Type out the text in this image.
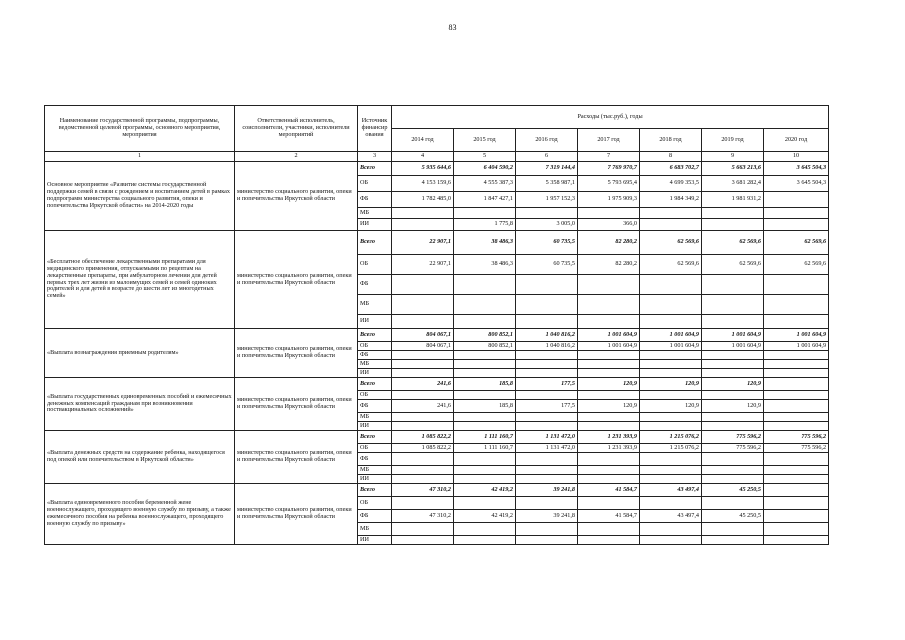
83
Наименование государственной программы, подпрограммы, ведомственной целевой программы, основного мероприятия, мероприятия	Ответственный исполнитель, соисполнители, участники, исполнители мероприятий	Источник финансир ования	Расходы (тыс.руб.), годы						
			2014 год	2015 год	2016 год	2017 год	2018 год	2019 год	2020 год
1	2	3	4	5	6	7	8	9	10
Основное мероприятие «Развитие системы государственной поддержки семей в связи с рождением и воспитанием детей в рамках подпрограмм министерства социального развития, опеки и попечительства Иркутской области» на 2014-2020 годы	министерство социального развития, опеки и попечительства Иркутской области	Всего	5 935 644,6	6 404 590,2	7 319 144,4	7 769 970,7	6 683 702,7	5 663 213,6	3 645 504,3
		ОБ	4 153 159,6	4 555 387,3	5 358 987,1	5 793 695,4	4 699 353,5	3 681 282,4	3 645 504,3
		ФБ	1 782 485,0	1 847 427,1	1 957 152,3	1 975 909,3	1 984 349,2	1 981 931,2	
		МБ							
		ИИ		1 775,8	3 005,0	366,0			
«Бесплатное обеспечение лекарственными препаратами для медицинского применения, отпускаемыми по рецептам на лекарственные препараты, при амбулаторном лечении для детей первых трех лет жизни из малоимущих семей и семей одиноких родителей и для детей в возрасте до шести лет из многодетных семей»	министерство социального развития, опеки и попечительства Иркутской области	Всего	22 907,1	38 486,3	60 735,5	82 280,2	62 569,6	62 569,6	62 569,6
		ОБ	22 907,1	38 486,3	60 735,5	82 280,2	62 569,6	62 569,6	62 569,6
		ФБ							
		МБ							
		ИИ							
«Выплата вознаграждения приемным родителям»	министерство социального развития, опеки и попечительства Иркутской области	Всего	804 067,1	800 852,1	1 040 816,2	1 001 604,9	1 001 604,9	1 001 604,9	1 001 604,9
		ОБ	804 067,1	800 852,1	1 040 816,2	1 001 604,9	1 001 604,9	1 001 604,9	1 001 604,9
		ФБ							
		МБ							
		ИИ							
«Выплата государственных единовременных пособий и ежемесячных денежных компенсаций гражданам при возникновении поствакцинальных осложнений»	министерство социального развития, опеки и попечительства Иркутской области	Всего	241,6	185,8	177,5	120,9	120,9	120,9	
		ОБ							
		ФБ	241,6	185,8	177,5	120,9	120,9	120,9	
		МБ							
		ИИ							
«Выплата денежных средств на содержание ребенка, находящегося под опекой или попечительством в Иркутской области»	министерство социального развития, опеки и попечительства Иркутской области	Всего	1 085 822,2	1 111 160,7	1 131 472,0	1 231 393,9	1 215 076,2	775 596,2	775 596,2
		ОБ	1 085 822,2	1 111 160,7	1 131 472,0	1 231 393,9	1 215 076,2	775 596,2	775 596,2
		ФБ							
		МБ							
		ИИ							
«Выплата единовременного пособия беременной жене военнослужащего, проходящего военную службу по призыву, а также ежемесячного пособия на ребенка военнослужащего, проходящего военную службу по призыву»	министерство социального развития, опеки и попечительства Иркутской области	Всего	47 310,2	42 419,2	39 241,8	41 584,7	43 497,4	45 250,5	
		ОБ							
		ФБ	47 310,2	42 419,2	39 241,8	41 584,7	43 497,4	45 250,5	
		МБ							
		ИИ							
